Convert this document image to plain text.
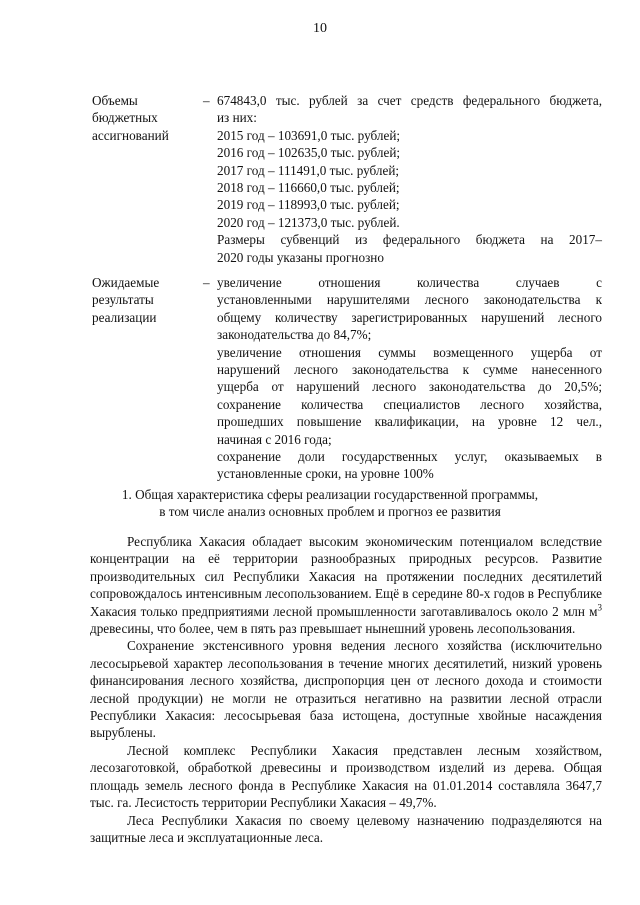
10
Объемы
бюджетных
ассигнований
– 674843,0 тыс. рублей за счет средств федерального бюджета,
из них:
2015 год – 103691,0 тыс. рублей;
2016 год – 102635,0 тыс. рублей;
2017 год – 111491,0 тыс. рублей;
2018 год – 116660,0 тыс. рублей;
2019 год – 118993,0 тыс. рублей;
2020 год – 121373,0 тыс. рублей.
Размеры субвенций из федерального бюджета на 2017–
2020 годы указаны прогнозно
Ожидаемые
результаты
реализации
– увеличение отношения количества случаев с
установленными нарушителями лесного законодательства к
общему количеству зарегистрированных нарушений лесного
законодательства до 84,7%;
увеличение отношения суммы возмещенного ущерба от
нарушений лесного законодательства к сумме нанесенного
ущерба от нарушений лесного законодательства до 20,5%;
сохранение количества специалистов лесного хозяйства,
прошедших повышение квалификации, на уровне 12 чел.,
начиная с 2016 года;
сохранение доли государственных услуг, оказываемых в
установленные сроки, на уровне 100%
1. Общая характеристика сферы реализации государственной программы,
в том числе анализ основных проблем и прогноз ее развития

Республика Хакасия обладает высоким экономическим потенциалом вследствие концентрации на её территории разнообразных природных ресурсов. Развитие производительных сил Республики Хакасия на протяжении последних десятилетий сопровождалось интенсивным лесопользованием. Ещё в середине 80-х годов в Республике Хакасия только предприятиями лесной промышленности заготавливалось около 2 млн $м^3$ древесины, что более, чем в пять раз превышает нынешний уровень лесопользования.

Сохранение экстенсивного уровня ведения лесного хозяйства (исключительно лесосырьевой характер лесопользования в течение многих десятилетий, низкий уровень финансирования лесного хозяйства, диспропорция цен от лесного дохода и стоимости лесной продукции) не могли не отразиться негативно на развитии лесной отрасли Республики Хакасия: лесосырьевая база истощена, доступные хвойные насаждения вырублены.

Лесной комплекс Республики Хакасия представлен лесным хозяйством, лесозаготовкой, обработкой древесины и производством изделий из дерева. Общая площадь земель лесного фонда в Республике Хакасия на 01.01.2014 составляла 3647,7 тыс. га. Лесистость территории Республики Хакасия – 49,7%.

Леса Республики Хакасия по своему целевому назначению подразделяются на защитные леса и эксплуатационные леса.
